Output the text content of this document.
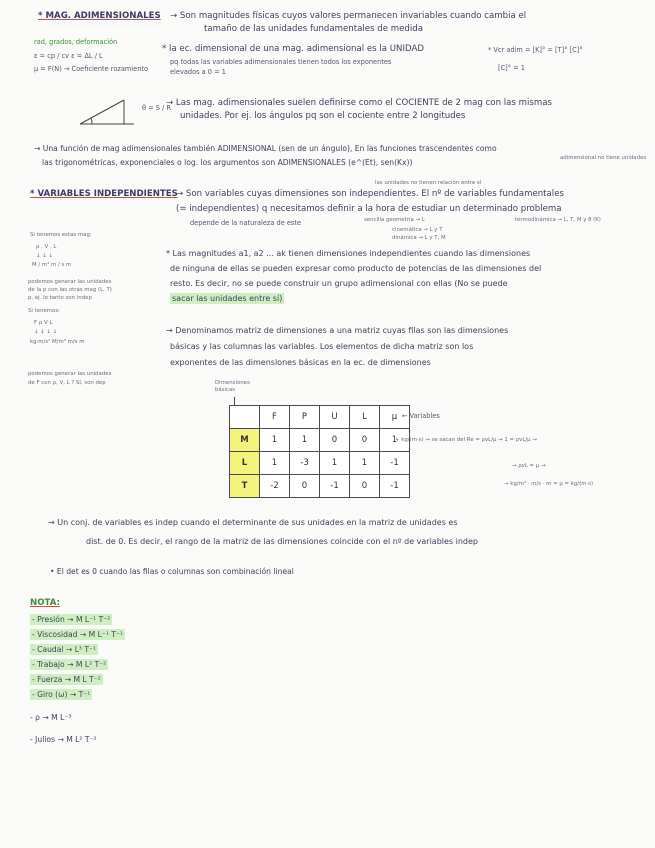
* MAG. ADIMENSIONALES → Son magnitudes físicas cuyos valores permanecen invariables cuando cambia el
tamaño de las unidades fundamentales de medida
rad, grados, deformación
ε = cp / cv ε = ΔL / L
μ = F(N) → Coeficiente rozamiento
* la ec. dimensional de una mag. adimensional es la UNIDAD
pq todas las variables adimensionales tienen todos los exponentes
elevados a 0 = 1
* Vcr adim = [K]° = [T]° [C]°
[C]° = 1
θ = S / R
→ Las mag. adimensionales suelen definirse como el COCIENTE de 2 mag con las mismas
unidades. Por ej. los ángulos pq son el cociente entre 2 longitudes
→ Una función de mag adimensionales también ADIMENSIONAL (sen de un ángulo), En las funciones trascendentes como
las trigonométricas, exponenciales o log. los argumentos son ADIMENSIONALES (e^(Et), sen(Kx))	adimensional no tiene unidades
las unidades no tienen relación entre sí
* VARIABLES INDEPENDIENTES
→ Son variables cuyas dimensiones son independientes. El nº de variables fundamentales
(= independientes) q necesitamos definir a la hora de estudiar un determinado problema
depende de la naturaleza de este	sencilla geometría → L
cinemática → L y T
dinámica → L y T, M
termodinámica → L, T, M y θ (K)
Si tenemos estas mag:
ρ , V , L
↓ ↓ ↓
M / m³ m / s m
podemos generar las unidades
de la p con las otras mag (L, T)
p. ej. lo tanto son indep
Si tenemos:
F ρ V L
↓ ↓ ↓ ↓
kg·m/s² M/m³ m/s m
podemos generar las unidades
de F con ρ, V, L ? Sí, son dep
* Las magnitudes a1, a2 ... ak tienen dimensiones independientes cuando las dimensiones
de ninguna de ellas se pueden expresar como producto de potencias de las dimensiones del
resto. Es decir, no se puede construir un grupo adimensional con ellas (No se puede
sacar las unidades entre sí)
→ Denominamos matriz de dimensiones a una matriz cuyas filas son las dimensiones
básicas y las columnas las variables. Los elementos de dicha matriz son los
exponentes de las dimensiones básicas en la ec. de dimensiones
Dimensiones básicas
	F	P	U	L	μ
M	1	1	0	0	1
L	1	-3	1	1	-1
T	-2	0	-1	0	-1
← Variables
↳ kg/(m·s) → se sacan del Re = ρvL/μ → 1 = ρvL/μ →
→ ρvL = μ →
→ kg/m³ · m/s · m = μ = kg/(m·s)
→ Un conj. de variables es indep cuando el determinante de sus unidades en la matriz de unidades es
dist. de 0. Es decir, el rango de la matriz de las dimensiones coincide con el nº de variables indep
• El det es 0 cuando las filas o columnas son combinación lineal
NOTA:
- Presión → M L⁻¹ T⁻²
- Viscosidad → M L⁻¹ T⁻¹
- Caudal → L³ T⁻¹
- Trabajo → M L² T⁻²
- Fuerza → M L T⁻²
- Giro (ω) → T⁻¹
- ρ → M L⁻³
- Julios → M L² T⁻²
